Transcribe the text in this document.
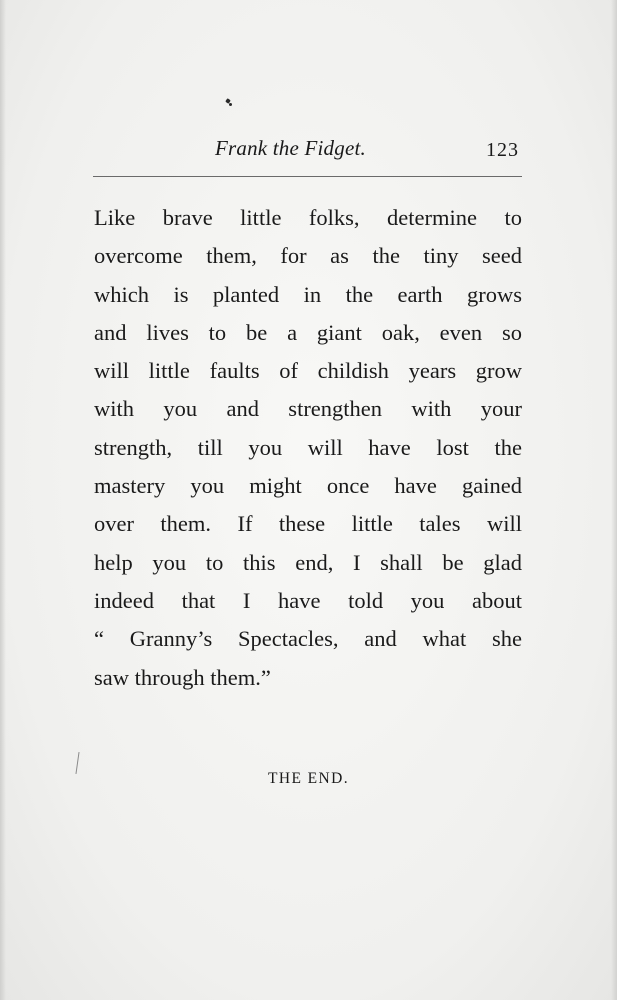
Frank the Fidget.	123

Like brave little folks, determine to
overcome them, for as the tiny seed
which is planted in the earth grows
and lives to be a giant oak, even so
will little faults of childish years grow
with you and strengthen with your
strength, till you will have lost the
mastery you might once have gained
over them. If these little tales will
help you to this end, I shall be glad
indeed that I have told you about
“ Granny’s Spectacles, and what she
saw through them.”

THE END.
